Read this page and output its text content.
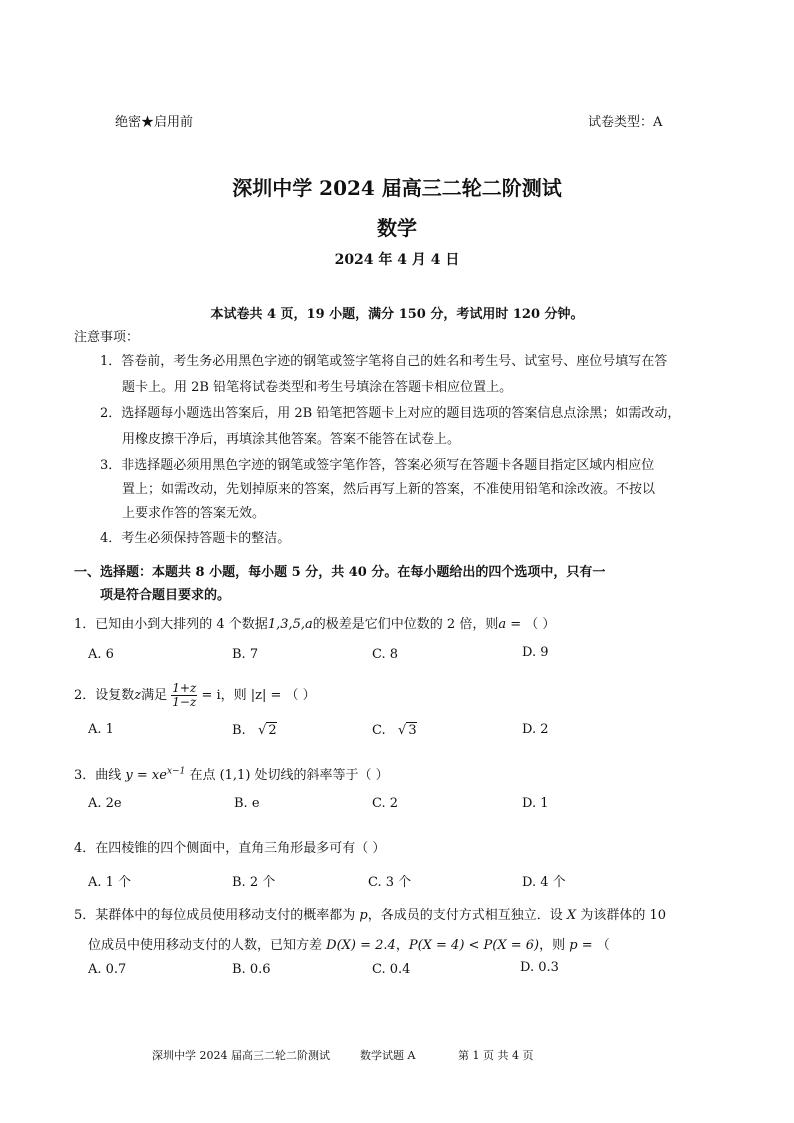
绝密★启用前	试卷类型：A
深圳中学 2024 届高三二轮二阶测试
数学
2024 年 4 月 4 日
本试卷共 4 页，19 小题，满分 150 分，考试用时 120 分钟。
注意事项：
1．答卷前，考生务必用黑色字迹的钢笔或签字笔将自己的姓名和考生号、试室号、座位号填写在答
题卡上。用 2B 铅笔将试卷类型和考生号填涂在答题卡相应位置上。
2．选择题每小题选出答案后，用 2B 铅笔把答题卡上对应的题目选项的答案信息点涂黑；如需改动，
用橡皮擦干净后，再填涂其他答案。答案不能答在试卷上。
3．非选择题必须用黑色字迹的钢笔或签字笔作答，答案必须写在答题卡各题目指定区域内相应位
置上；如需改动，先划掉原来的答案，然后再写上新的答案，不准使用铅笔和涂改液。不按以
上要求作答的答案无效。
4．考生必须保持答题卡的整洁。
一、选择题：本题共 8 小题，每小题 5 分，共 40 分。在每小题给出的四个选项中，只有一
项是符合题目要求的。
1．已知由小到大排列的 4 个数据1,3,5,a的极差是它们中位数的 2 倍，则a = （ ）
A. 6	B. 7	C. 8	D. 9
2．设复数z满足 $\frac{1+z}{1-z} = i$，则 |z| = （ ）
A. 1	B.   √ 2	C.   √ 3	D. 2
3．曲线 $y = xe^{x-1}$ 在点 (1,1) 处切线的斜率等于（ ）
A. 2e	B. e	C. 2	D. 1
4．在四棱锥的四个侧面中，直角三角形最多可有（ ）
A. 1 个	B. 2 个	C. 3 个	D. 4 个
5．某群体中的每位成员使用移动支付的概率都为 p，各成员的支付方式相互独立．设 X 为该群体的 10
位成员中使用移动支付的人数，已知方差 D(X) = 2.4，P(X = 4) < P(X = 6)，则 p = （
A. 0.7	B. 0.6	C. 0.4	D. 0.3
深圳中学 2024 届高三二轮二阶测试	数学试题 A	第 1 页 共 4 页
